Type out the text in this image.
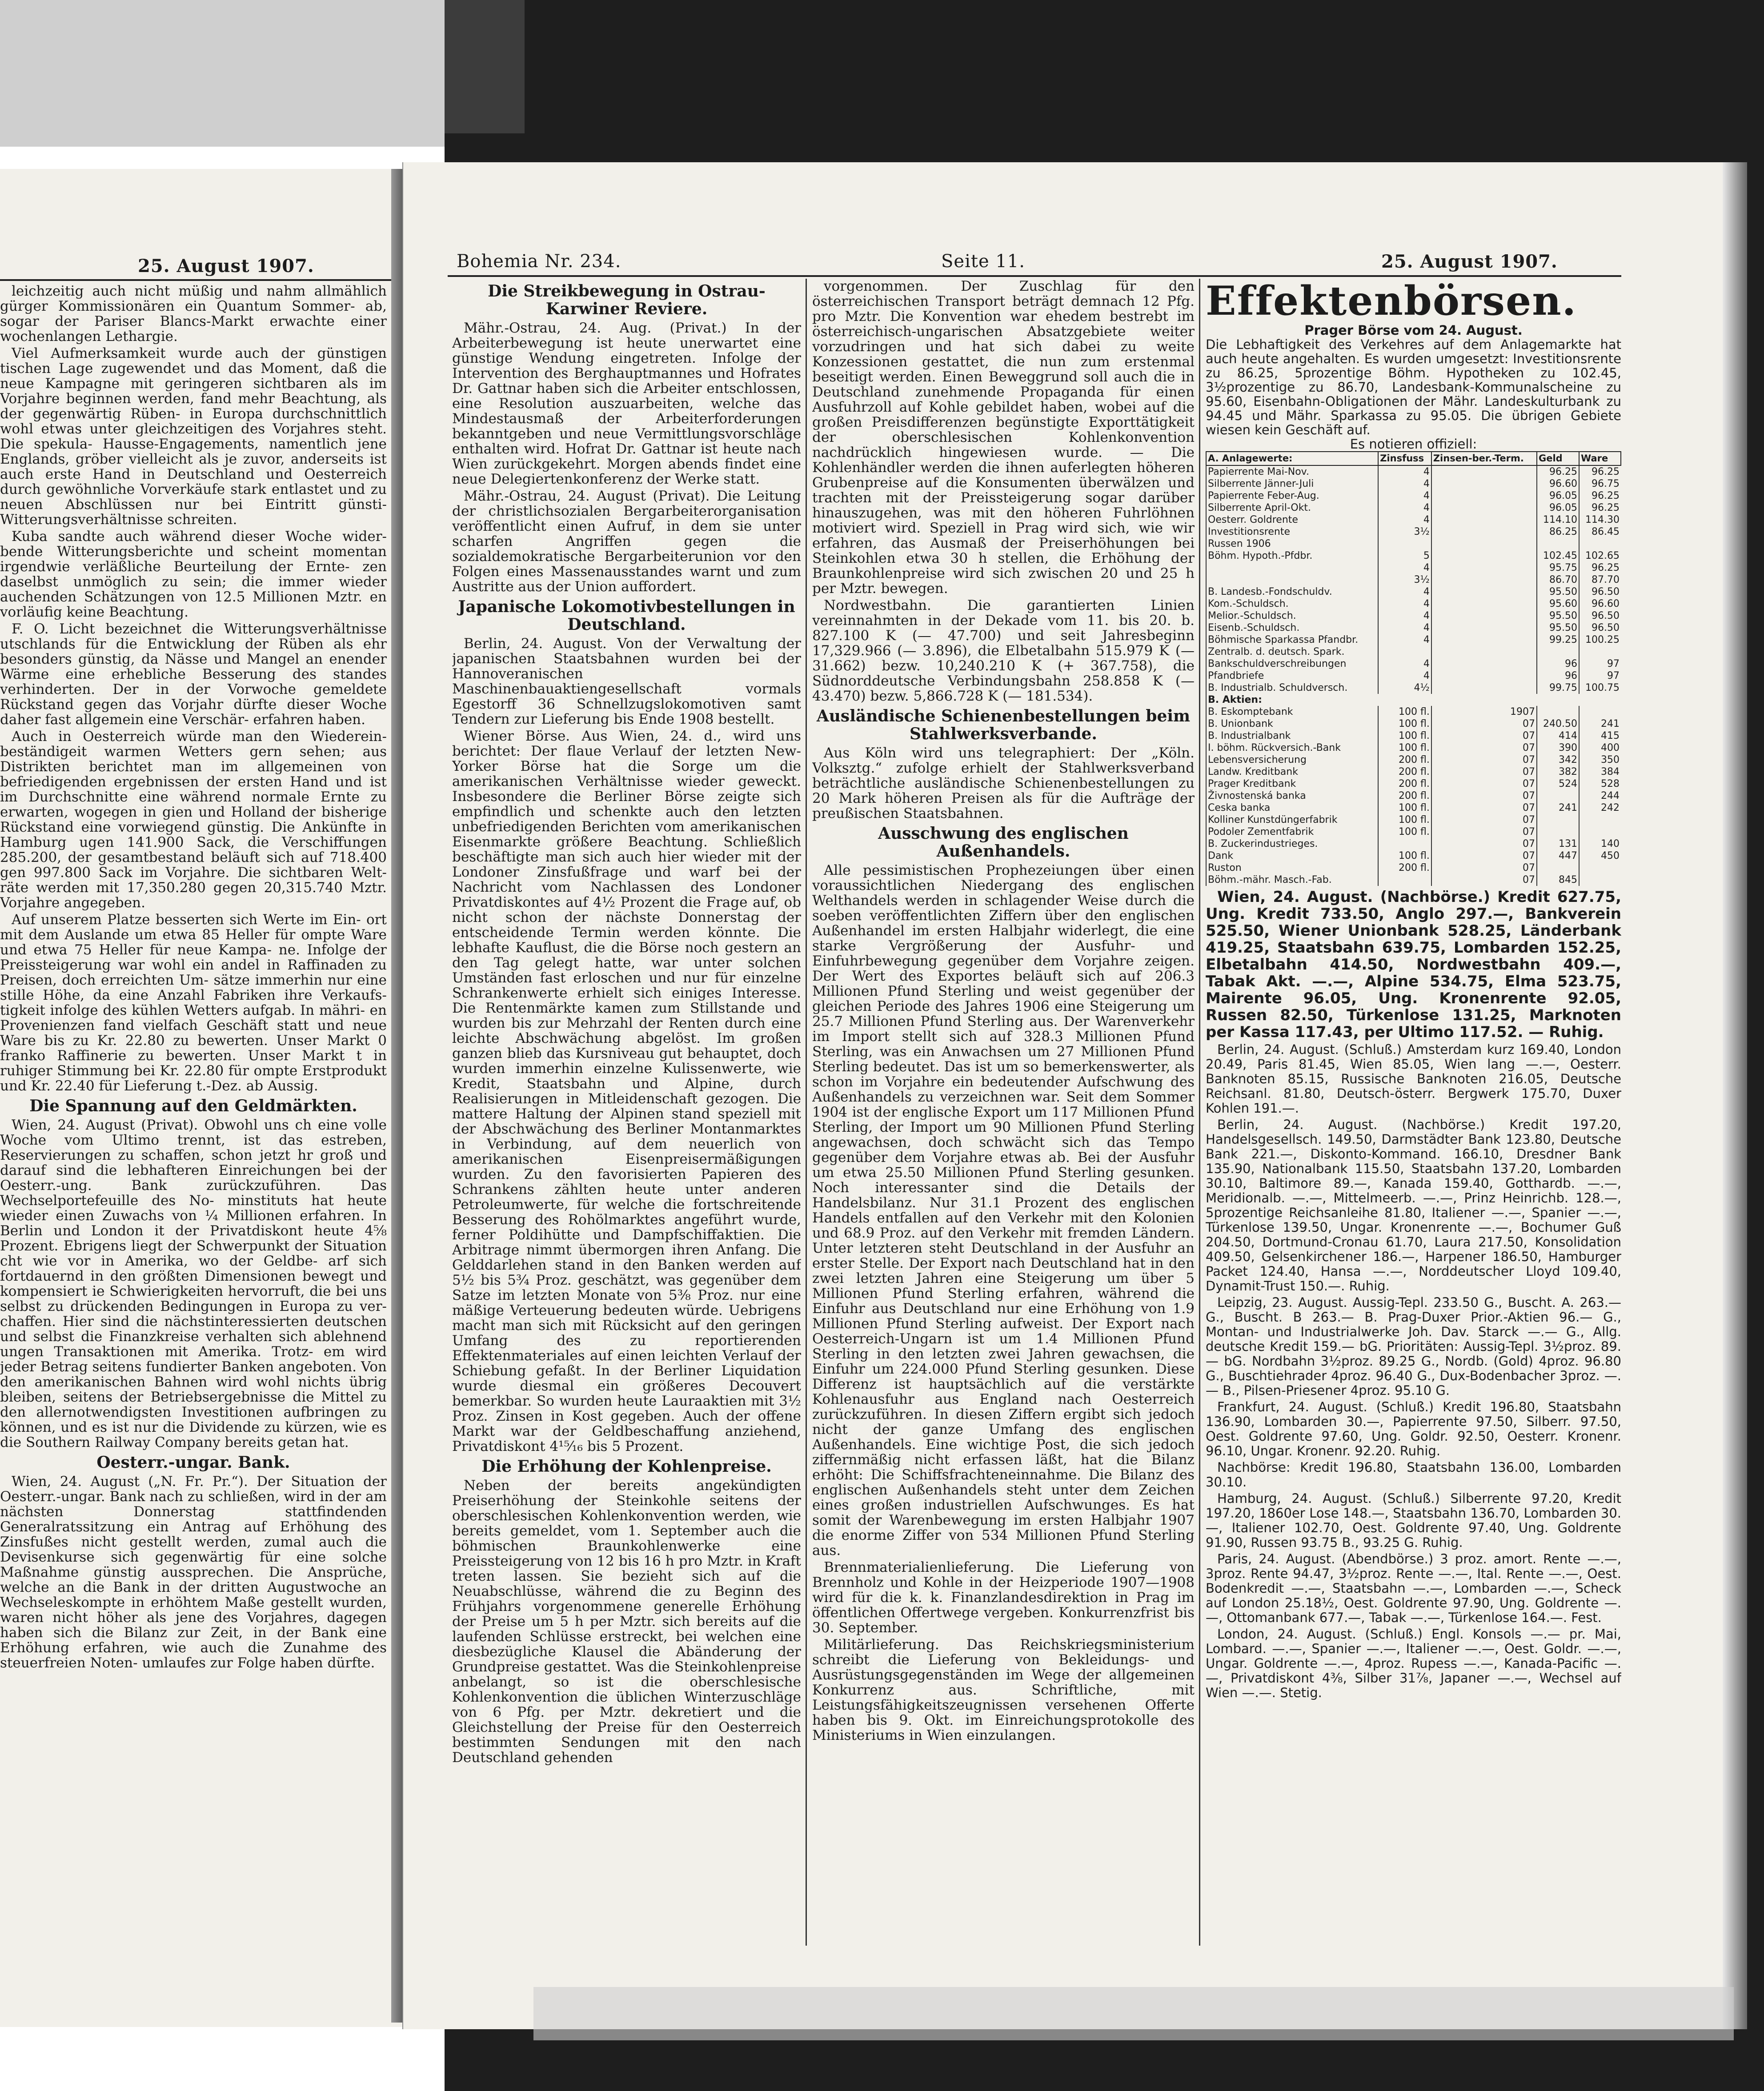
25. August 1907.

leichzeitig auch nicht müßig und nahm allmählich gürger Kommissionären ein Quantum Sommer- ab, sogar der Pariser Blancs-Markt erwachte einer wochenlangen Lethargie.

Viel Aufmerksamkeit wurde auch der günstigen tischen Lage zugewendet und das Moment, daß die neue Kampagne mit geringeren sichtbaren als im Vorjahre beginnen werden, fand mehr Beachtung, als der gegenwärtig Rüben- in Europa durchschnittlich wohl etwas unter gleichzeitigen des Vorjahres steht. Die spekula- Hausse-Engagements, namentlich jene Englands, gröber vielleicht als je zuvor, anderseits ist auch erste Hand in Deutschland und Oesterreich durch gewöhnliche Vorverkäufe stark entlastet und zu neuen Abschlüssen nur bei Eintritt günsti- Witterungsverhältnisse schreiten.

Kuba sandte auch während dieser Woche wider- bende Witterungsberichte und scheint momentan irgendwie verläßliche Beurteilung der Ernte- zen daselbst unmöglich zu sein; die immer wieder auchenden Schätzungen von 12.5 Millionen Mztr. en vorläufig keine Beachtung.

F. O. Licht bezeichnet die Witterungsverhältnisse utschlands für die Entwicklung der Rüben als ehr besonders günstig, da Nässe und Mangel an enender Wärme eine erhebliche Besserung des standes verhinderten. Der in der Vorwoche gemeldete Rückstand gegen das Vorjahr dürfte dieser Woche daher fast allgemein eine Verschär- erfahren haben.

Auch in Oesterreich würde man den Wiederein- beständigeit warmen Wetters gern sehen; aus Distrikten berichtet man im allgemeinen von befriedigenden ergebnissen der ersten Hand und ist im Durchschnitte eine während normale Ernte zu erwarten, wogegen in gien und Holland der bisherige Rückstand eine vorwiegend günstig. Die Ankünfte in Hamburg ugen 141.900 Sack, die Verschiffungen 285.200, der gesamtbestand beläuft sich auf 718.400 gen 997.800 Sack im Vorjahre. Die sichtbaren Welt- räte werden mit 17,350.280 gegen 20,315.740 Mztr. Vorjahre angegeben.

Auf unserem Platze besserten sich Werte im Ein- ort mit dem Auslande um etwa 85 Heller für ompte Ware und etwa 75 Heller für neue Kampa- ne. Infolge der Preissteigerung war wohl ein andel in Raffinaden zu Preisen, doch erreichten Um- sätze immerhin nur eine stille Höhe, da eine Anzahl Fabriken ihre Verkaufs- tigkeit infolge des kühlen Wetters aufgab. In mähri- en Provenienzen fand vielfach Geschäft statt und neue Ware bis zu Kr. 22.80 zu bewerten. Unser Markt 0 franko Raffinerie zu bewerten. Unser Markt t in ruhiger Stimmung bei Kr. 22.80 für ompte Erstprodukt und Kr. 22.40 für Lieferung t.-Dez. ab Aussig.

Die Spannung auf den Geldmärkten.

Wien, 24. August (Privat). Obwohl uns ch eine volle Woche vom Ultimo trennt, ist das estreben, Reservierungen zu schaffen, schon jetzt hr groß und darauf sind die lebhafteren Einreichungen bei der Oesterr.-ung. Bank zurückzuführen. Das Wechselportefeuille des No- minstituts hat heute wieder einen Zuwachs von ¼ Millionen erfahren. In Berlin und London it der Privatdiskont heute 4⅝ Prozent. Ebrigens liegt der Schwerpunkt der Situation cht wie vor in Amerika, wo der Geldbe- arf sich fortdauernd in den größten Dimensionen bewegt und kompensiert ie Schwierigkeiten hervorruft, die bei uns selbst zu drückenden Bedingungen in Europa zu ver- chaffen. Hier sind die nächstinteressierten deutschen und selbst die Finanzkreise verhalten sich ablehnend ungen Transaktionen mit Amerika. Trotz- em wird jeder Betrag seitens fundierter Banken angeboten. Von den amerikanischen Bahnen wird wohl nichts übrig bleiben, seitens der Betriebsergebnisse die Mittel zu den allernotwendigsten Investitionen aufbringen zu können, und es ist nur die Dividende zu kürzen, wie es die Southern Railway Company bereits getan hat.

Oesterr.-ungar. Bank.

Wien, 24. August („N. Fr. Pr.“). Der Situation der Oesterr.-ungar. Bank nach zu schließen, wird in der am nächsten Donnerstag stattfindenden Generalratssitzung ein Antrag auf Erhöhung des Zinsfußes nicht gestellt werden, zumal auch die Devisenkurse sich gegenwärtig für eine solche Maßnahme günstig aussprechen. Die Ansprüche, welche an die Bank in der dritten Augustwoche an Wechseleskompte in erhöhtem Maße gestellt wurden, waren nicht höher als jene des Vorjahres, dagegen haben sich die Bilanz zur Zeit, in der Bank eine Erhöhung erfahren, wie auch die Zunahme des steuerfreien Noten- umlaufes zur Folge haben dürfte.

Bohemia Nr. 234.	Seite 11.	25. August 1907.
Die Streikbewegung in Ostrau- Karwiner Reviere.

Mähr.-Ostrau, 24. Aug. (Privat.) In der Arbeiterbewegung ist heute unerwartet eine günstige Wendung eingetreten. Infolge der Intervention des Berghauptmannes und Hofrates Dr. Gattnar haben sich die Arbeiter entschlossen, eine Resolution auszuarbeiten, welche das Mindestausmaß der Arbeiterforderungen bekanntgeben und neue Vermittlungsvorschläge enthalten wird. Hofrat Dr. Gattnar ist heute nach Wien zurückgekehrt. Morgen abends findet eine neue Delegiertenkonferenz der Werke statt.

Mähr.-Ostrau, 24. August (Privat). Die Leitung der christlichsozialen Bergarbeiterorganisation veröffentlicht einen Aufruf, in dem sie unter scharfen Angriffen gegen die sozialdemokratische Bergarbeiterunion vor den Folgen eines Massenausstandes warnt und zum Austritte aus der Union auffordert.

Japanische Lokomotivbestellungen in Deutschland.

Berlin, 24. August. Von der Verwaltung der japanischen Staatsbahnen wurden bei der Hannoveranischen Maschinenbauaktiengesellschaft vormals Egestorff 36 Schnellzugslokomotiven samt Tendern zur Lieferung bis Ende 1908 bestellt.

Wiener Börse. Aus Wien, 24. d., wird uns berichtet: Der flaue Verlauf der letzten New-Yorker Börse hat die Sorge um die amerikanischen Verhältnisse wieder geweckt. Insbesondere die Berliner Börse zeigte sich empfindlich und schenkte auch den letzten unbefriedigenden Berichten vom amerikanischen Eisenmarkte größere Beachtung. Schließlich beschäftigte man sich auch hier wieder mit der Londoner Zinsfußfrage und warf bei der Nachricht vom Nachlassen des Londoner Privatdiskontes auf 4½ Prozent die Frage auf, ob nicht schon der nächste Donnerstag der entscheidende Termin werden könnte. Die lebhafte Kauflust, die die Börse noch gestern an den Tag gelegt hatte, war unter solchen Umständen fast erloschen und nur für einzelne Schrankenwerte erhielt sich einiges Interesse. Die Rentenmärkte kamen zum Stillstande und wurden bis zur Mehrzahl der Renten durch eine leichte Abschwächung abgelöst. Im großen ganzen blieb das Kursniveau gut behauptet, doch wurden immerhin einzelne Kulissenwerte, wie Kredit, Staatsbahn und Alpine, durch Realisierungen in Mitleidenschaft gezogen. Die mattere Haltung der Alpinen stand speziell mit der Abschwächung des Berliner Montanmarktes in Verbindung, auf dem neuerlich von amerikanischen Eisenpreisermäßigungen wurden. Zu den favorisierten Papieren des Schrankens zählten heute unter anderen Petroleumwerte, für welche die fortschreitende Besserung des Rohölmarktes angeführt wurde, ferner Poldihütte und Dampfschiffaktien. Die Arbitrage nimmt übermorgen ihren Anfang. Die Gelddarlehen stand in den Banken werden auf 5½ bis 5¾ Proz. geschätzt, was gegenüber dem Satze im letzten Monate von 5⅜ Proz. nur eine mäßige Verteuerung bedeuten würde. Uebrigens macht man sich mit Rücksicht auf den geringen Umfang des zu reportierenden Effektenmateriales auf einen leichten Verlauf der Schiebung gefaßt. In der Berliner Liquidation wurde diesmal ein größeres Decouvert bemerkbar. So wurden heute Lauraaktien mit 3½ Proz. Zinsen in Kost gegeben. Auch der offene Markt war der Geldbeschaffung anziehend, Privatdiskont 4¹⁵⁄₁₆ bis 5 Prozent.

Die Erhöhung der Kohlenpreise.

Neben der bereits angekündigten Preiserhöhung der Steinkohle seitens der oberschlesischen Kohlenkonvention werden, wie bereits gemeldet, vom 1. September auch die böhmischen Braunkohlenwerke eine Preissteigerung von 12 bis 16 h pro Mztr. in Kraft treten lassen. Sie bezieht sich auf die Neuabschlüsse, während die zu Beginn des Frühjahrs vorgenommene generelle Erhöhung der Preise um 5 h per Mztr. sich bereits auf die laufenden Schlüsse erstreckt, bei welchen eine diesbezügliche Klausel die Abänderung der Grundpreise gestattet. Was die Steinkohlenpreise anbelangt, so ist die oberschlesische Kohlenkonvention die üblichen Winterzuschläge von 6 Pfg. per Mztr. dekretiert und die Gleichstellung der Preise für den Oesterreich bestimmten Sendungen mit den nach Deutschland gehenden

vorgenommen. Der Zuschlag für den österreichischen Transport beträgt demnach 12 Pfg. pro Mztr. Die Konvention war ehedem bestrebt im österreichisch-ungarischen Absatzgebiete weiter vorzudringen und hat sich dabei zu weite Konzessionen gestattet, die nun zum erstenmal beseitigt werden. Einen Beweggrund soll auch die in Deutschland zunehmende Propaganda für einen Ausfuhrzoll auf Kohle gebildet haben, wobei auf die großen Preisdifferenzen begünstigte Exporttätigkeit der oberschlesischen Kohlenkonvention nachdrücklich hingewiesen wurde. — Die Kohlenhändler werden die ihnen auferlegten höheren Grubenpreise auf die Konsumenten überwälzen und trachten mit der Preissteigerung sogar darüber hinauszugehen, was mit den höheren Fuhrlöhnen motiviert wird. Speziell in Prag wird sich, wie wir erfahren, das Ausmaß der Preiserhöhungen bei Steinkohlen etwa 30 h stellen, die Erhöhung der Braunkohlenpreise wird sich zwischen 20 und 25 h per Mztr. bewegen.

Nordwestbahn. Die garantierten Linien vereinnahmten in der Dekade vom 11. bis 20. b. 827.100 K (— 47.700) und seit Jahresbeginn 17,329.966 (— 3.896), die Elbetalbahn 515.979 K (— 31.662) bezw. 10,240.210 K (+ 367.758), die Südnorddeutsche Verbindungsbahn 258.858 K (— 43.470) bezw. 5,866.728 K (— 181.534).

Ausländische Schienenbestellungen beim Stahlwerksverbande.

Aus Köln wird uns telegraphiert: Der „Köln. Volksztg.“ zufolge erhielt der Stahlwerksverband beträchtliche ausländische Schienenbestellungen zu 20 Mark höheren Preisen als für die Aufträge der preußischen Staatsbahnen.

Ausschwung des englischen Außenhandels.

Alle pessimistischen Prophezeiungen über einen voraussichtlichen Niedergang des englischen Welthandels werden in schlagender Weise durch die soeben veröffentlichten Ziffern über den englischen Außenhandel im ersten Halbjahr widerlegt, die eine starke Vergrößerung der Ausfuhr- und Einfuhrbewegung gegenüber dem Vorjahre zeigen. Der Wert des Exportes beläuft sich auf 206.3 Millionen Pfund Sterling und weist gegenüber der gleichen Periode des Jahres 1906 eine Steigerung um 25.7 Millionen Pfund Sterling aus. Der Warenverkehr im Import stellt sich auf 328.3 Millionen Pfund Sterling, was ein Anwachsen um 27 Millionen Pfund Sterling bedeutet. Das ist um so bemerkenswerter, als schon im Vorjahre ein bedeutender Aufschwung des Außenhandels zu verzeichnen war. Seit dem Sommer 1904 ist der englische Export um 117 Millionen Pfund Sterling, der Import um 90 Millionen Pfund Sterling angewachsen, doch schwächt sich das Tempo gegenüber dem Vorjahre etwas ab. Bei der Ausfuhr um etwa 25.50 Millionen Pfund Sterling gesunken. Noch interessanter sind die Details der Handelsbilanz. Nur 31.1 Prozent des englischen Handels entfallen auf den Verkehr mit den Kolonien und 68.9 Proz. auf den Verkehr mit fremden Ländern. Unter letzteren steht Deutschland in der Ausfuhr an erster Stelle. Der Export nach Deutschland hat in den zwei letzten Jahren eine Steigerung um über 5 Millionen Pfund Sterling erfahren, während die Einfuhr aus Deutschland nur eine Erhöhung von 1.9 Millionen Pfund Sterling aufweist. Der Export nach Oesterreich-Ungarn ist um 1.4 Millionen Pfund Sterling in den letzten zwei Jahren gewachsen, die Einfuhr um 224.000 Pfund Sterling gesunken. Diese Differenz ist hauptsächlich auf die verstärkte Kohlenausfuhr aus England nach Oesterreich zurückzuführen. In diesen Ziffern ergibt sich jedoch nicht der ganze Umfang des englischen Außenhandels. Eine wichtige Post, die sich jedoch ziffernmäßig nicht erfassen läßt, hat die Bilanz erhöht: Die Schiffsfrachteneinnahme. Die Bilanz des englischen Außenhandels steht unter dem Zeichen eines großen industriellen Aufschwunges. Es hat somit der Warenbewegung im ersten Halbjahr 1907 die enorme Ziffer von 534 Millionen Pfund Sterling aus.

Brennmaterialienlieferung. Die Lieferung von Brennholz und Kohle in der Heizperiode 1907—1908 wird für die k. k. Finanzlandesdirektion in Prag im öffentlichen Offertwege vergeben. Konkurrenzfrist bis 30. September.

Militärlieferung. Das Reichskriegsministerium schreibt die Lieferung von Bekleidungs- und Ausrüstungsgegenständen im Wege der allgemeinen Konkurrenz aus. Schriftliche, mit Leistungsfähigkeitszeugnissen versehenen Offerte haben bis 9. Okt. im Einreichungsprotokolle des Ministeriums in Wien einzulangen.

Effektenbörsen.
Prager Börse vom 24. August.
Die Lebhaftigkeit des Verkehres auf dem Anlagemarkte hat auch heute angehalten. Es wurden umgesetzt: Investitionsrente zu 86.25, 5prozentige Böhm. Hypotheken zu 102.45, 3½prozentige zu 86.70, Landesbank-Kommunalscheine zu 95.60, Eisenbahn-Obligationen der Mähr. Landeskulturbank zu 94.45 und Mähr. Sparkassa zu 95.05. Die übrigen Gebiete wiesen kein Geschäft auf.
Es notieren offiziell:
A. Anlagewerte:	Zinsfuss	Zinsen-ber.-Term.	Geld	Ware
Papierrente Mai-Nov.	4		96.25	96.25
Silberrente Jänner-Juli	4		96.60	96.75
Papierrente Feber-Aug.	4		96.05	96.25
Silberrente April-Okt.	4		96.05	96.25
Oesterr. Goldrente	4		114.10	114.30
Investitionsrente	3½		86.25	86.45
Russen 1906				
Böhm. Hypoth.-Pfdbr.	5		102.45	102.65
	4		95.75	96.25
	3½		86.70	87.70
B. Landesb.-Fondschuldv.	4		95.50	96.50
Kom.-Schuldsch.	4		95.60	96.60
Melior.-Schuldsch.	4		95.50	96.50
Eisenb.-Schuldsch.	4		95.50	96.50
Böhmische Sparkassa Pfandbr.	4		99.25	100.25
Zentralb. d. deutsch. Spark.				
Bankschuldverschreibungen	4		96	97
Pfandbriefe	4		96	97
B. Industrialb. Schuldversch.	4½		99.75	100.75
B. Aktien:				
B. Eskomptebank	100 fl.	1907		
B. Unionbank	100 fl.	07	240.50	241
B. Industrialbank	100 fl.	07	414	415
I. böhm. Rückversich.-Bank	100 fl.	07	390	400
Lebensversicherung	200 fl.	07	342	350
Landw. Kreditbank	200 fl.	07	382	384
Prager Kreditbank	200 fl.	07	524	528
Živnostenská banka	200 fl.	07		244
Ceska banka	100 fl.	07	241	242
Kolliner Kunstdüngerfabrik	100 fl.	07		
Podoler Zementfabrik	100 fl.	07		
B. Zuckerindustrieges.		07	131	140
Dank	100 fl.	07	447	450
Ruston	200 fl.	07		
Böhm.-mähr. Masch.-Fab.		07	845	

Wien, 24. August. (Nachbörse.) Kredit 627.75, Ung. Kredit 733.50, Anglo 297.—, Bankverein 525.50, Wiener Unionbank 528.25, Länderbank 419.25, Staatsbahn 639.75, Lombarden 152.25, Elbetalbahn 414.50, Nordwestbahn 409.—, Tabak Akt. —.—, Alpine 534.75, Elma 523.75, Mairente 96.05, Ung. Kronenrente 92.05, Russen 82.50, Türkenlose 131.25, Marknoten per Kassa 117.43, per Ultimo 117.52. — Ruhig.

Berlin, 24. August. (Schluß.) Amsterdam kurz 169.40, London 20.49, Paris 81.45, Wien 85.05, Wien lang —.—, Oesterr. Banknoten 85.15, Russische Banknoten 216.05, Deutsche Reichsanl. 81.80, Deutsch-österr. Bergwerk 175.70, Duxer Kohlen 191.—.

Berlin, 24. August. (Nachbörse.) Kredit 197.20, Handelsgesellsch. 149.50, Darmstädter Bank 123.80, Deutsche Bank 221.—, Diskonto-Kommand. 166.10, Dresdner Bank 135.90, Nationalbank 115.50, Staatsbahn 137.20, Lombarden 30.10, Baltimore 89.—, Kanada 159.40, Gotthardb. —.—, Meridionalb. —.—, Mittelmeerb. —.—, Prinz Heinrichb. 128.—, 5prozentige Reichsanleihe 81.80, Italiener —.—, Spanier —.—, Türkenlose 139.50, Ungar. Kronenrente —.—, Bochumer Guß 204.50, Dortmund-Cronau 61.70, Laura 217.50, Konsolidation 409.50, Gelsenkirchener 186.—, Harpener 186.50, Hamburger Packet 124.40, Hansa —.—, Norddeutscher Lloyd 109.40, Dynamit-Trust 150.—. Ruhig.

Leipzig, 23. August. Aussig-Tepl. 233.50 G., Buscht. A. 263.— G., Buscht. B 263.— B. Prag-Duxer Prior.-Aktien 96.— G., Montan- und Industrialwerke Joh. Dav. Starck —.— G., Allg. deutsche Kredit 159.— bG. Prioritäten: Aussig-Tepl. 3½proz. 89.— bG. Nordbahn 3½proz. 89.25 G., Nordb. (Gold) 4proz. 96.80 G., Buschtiehrader 4proz. 96.40 G., Dux-Bodenbacher 3proz. —.— B., Pilsen-Priesener 4proz. 95.10 G.

Frankfurt, 24. August. (Schluß.) Kredit 196.80, Staatsbahn 136.90, Lombarden 30.—, Papierrente 97.50, Silberr. 97.50, Oest. Goldrente 97.60, Ung. Goldr. 92.50, Oesterr. Kronenr. 96.10, Ungar. Kronenr. 92.20. Ruhig.

Nachbörse: Kredit 196.80, Staatsbahn 136.00, Lombarden 30.10.

Hamburg, 24. August. (Schluß.) Silberrente 97.20, Kredit 197.20, 1860er Lose 148.—, Staatsbahn 136.70, Lombarden 30.—, Italiener 102.70, Oest. Goldrente 97.40, Ung. Goldrente 91.90, Russen 93.75 B., 93.25 G. Ruhig.

Paris, 24. August. (Abendbörse.) 3 proz. amort. Rente —.—, 3proz. Rente 94.47, 3½proz. Rente —.—, Ital. Rente —.—, Oest. Bodenkredit —.—, Staatsbahn —.—, Lombarden —.—, Scheck auf London 25.18½, Oest. Goldrente 97.90, Ung. Goldrente —.—, Ottomanbank 677.—, Tabak —.—, Türkenlose 164.—. Fest.

London, 24. August. (Schluß.) Engl. Konsols —.— pr. Mai, Lombard. —.—, Spanier —.—, Italiener —.—, Oest. Goldr. —.—, Ungar. Goldrente —.—, 4proz. Rupess —.—, Kanada-Pacific —.—, Privatdiskont 4⅜, Silber 31⅞, Japaner —.—, Wechsel auf Wien —.—. Stetig.
